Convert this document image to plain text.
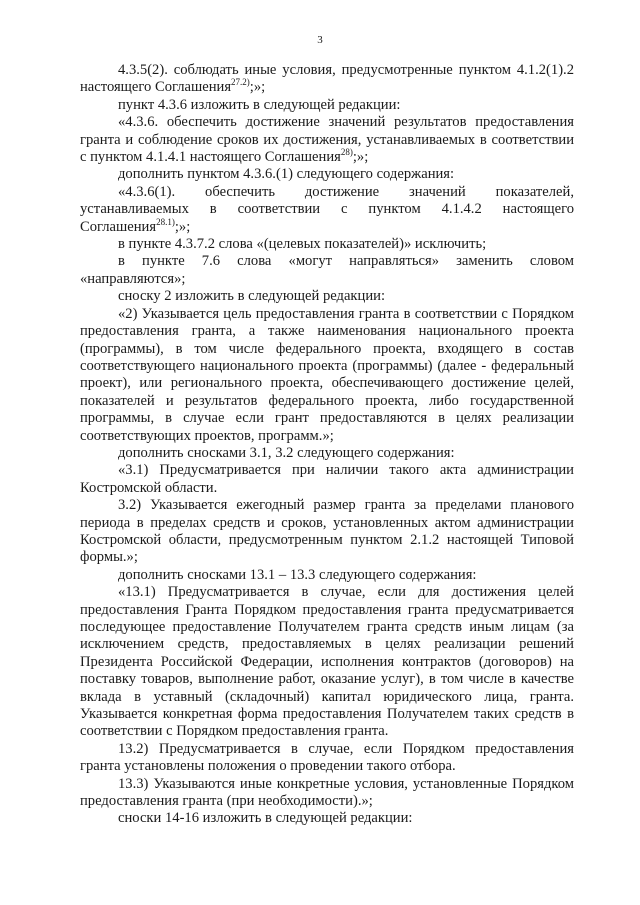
3

4.3.5(2). соблюдать иные условия, предусмотренные пунктом 4.1.2(1).2 настоящего Соглашения$^{27.2)}$;»;

пункт 4.3.6 изложить в следующей редакции:

«4.3.6. обеспечить достижение значений результатов предоставления гранта и соблюдение сроков их достижения, устанавливаемых в соответствии с пунктом 4.1.4.1 настоящего Соглашения$^{28)}$;»;

дополнить пунктом 4.3.6.(1) следующего содержания:

«4.3.6(1). обеспечить достижение значений показателей, устанавливаемых в соответствии с пунктом 4.1.4.2 настоящего Соглашения$^{28.1)}$;»;

в пункте 4.3.7.2 слова «(целевых показателей)» исключить;

в пункте 7.6 слова «могут направляться» заменить словом «направляются»;

сноску 2 изложить в следующей редакции:

«2) Указывается цель предоставления гранта в соответствии с Порядком предоставления гранта, а также наименования национального проекта (программы), в том числе федерального проекта, входящего в состав соответствующего национального проекта (программы) (далее - федеральный проект), или регионального проекта, обеспечивающего достижение целей, показателей и результатов федерального проекта, либо государственной программы, в случае если грант предоставляются в целях реализации соответствующих проектов, программ.»;

дополнить сносками 3.1, 3.2 следующего содержания:

«3.1) Предусматривается при наличии такого акта администрации Костромской области.

3.2) Указывается ежегодный размер гранта за пределами планового периода в пределах средств и сроков, установленных актом администрации Костромской области, предусмотренным пунктом 2.1.2 настоящей Типовой формы.»;

дополнить сносками 13.1 – 13.3 следующего содержания:

«13.1) Предусматривается в случае, если для достижения целей предоставления Гранта Порядком предоставления гранта предусматривается последующее предоставление Получателем гранта средств иным лицам (за исключением средств, предоставляемых в целях реализации решений Президента Российской Федерации, исполнения контрактов (договоров) на поставку товаров, выполнение работ, оказание услуг), в том числе в качестве вклада в уставный (складочный) капитал юридического лица, гранта. Указывается конкретная форма предоставления Получателем таких средств в соответствии с Порядком предоставления гранта.

13.2) Предусматривается в случае, если Порядком предоставления гранта установлены положения о проведении такого отбора.

13.3) Указываются иные конкретные условия, установленные Порядком предоставления гранта (при необходимости).»;

сноски 14-16 изложить в следующей редакции:
